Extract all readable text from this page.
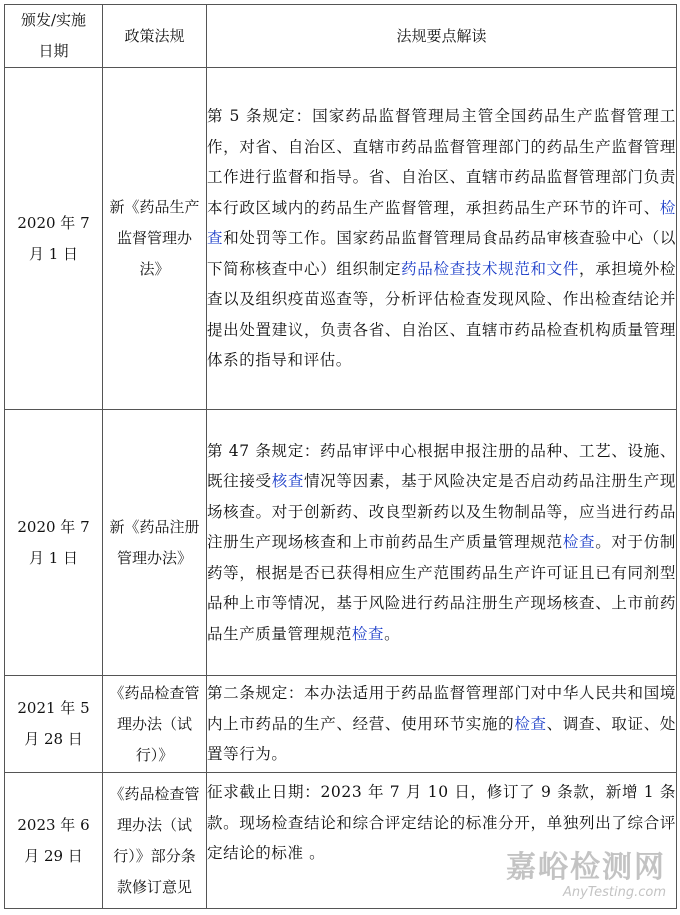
颁发/实施日期	政策法规	法规要点解读
2020 年 7 月 1 日	新《药品生产监督管理办法》	第 5 条规定：国家药品监督管理局主管全国药品生产监督管理工作，对省、自治区、直辖市药品监督管理部门的药品生产监督管理工作进行监督和指导。省、自治区、直辖市药品监督管理部门负责本行政区域内的药品生产监督管理，承担药品生产环节的许可、检查和处罚等工作。国家药品监督管理局食品药品审核查验中心（以下简称核查中心）组织制定药品检查技术规范和文件，承担境外检查以及组织疫苗巡查等，分析评估检查发现风险、作出检查结论并提出处置建议，负责各省、自治区、直辖市药品检查机构质量管理体系的指导和评估。
2020 年 7 月 1 日	新《药品注册管理办法》	第 47 条规定：药品审评中心根据申报注册的品种、工艺、设施、既往接受核查情况等因素，基于风险决定是否启动药品注册生产现场核查。对于创新药、改良型新药以及生物制品等，应当进行药品注册生产现场核查和上市前药品生产质量管理规范检查。对于仿制药等，根据是否已获得相应生产范围药品生产许可证且已有同剂型品种上市等情况，基于风险进行药品注册生产现场核查、上市前药品生产质量管理规范检查。
2021 年 5 月 28 日	《药品检查管理办法（试行）》	第二条规定：本办法适用于药品监督管理部门对中华人民共和国境内上市药品的生产、经营、使用环节实施的检查、调查、取证、处置等行为。
2023 年 6 月 29 日	《药品检查管理办法（试行）》部分条款修订意见	征求截止日期：2023 年 7 月 10 日，修订了 9 条款，新增 1 条款。现场检查结论和综合评定结论的标准分开，单独列出了综合评定结论的标准 。	嘉峪检测网
AnyTesting.com
